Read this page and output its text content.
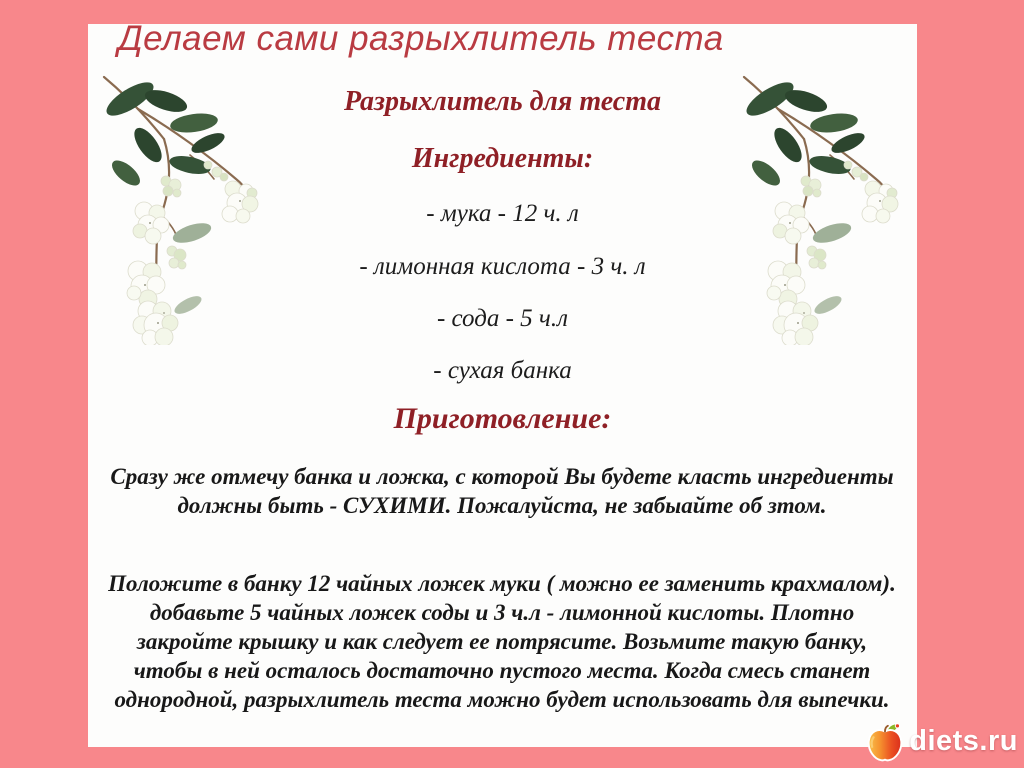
Делаем сами разрыхлитель теста
Разрыхлитель для теста
Ингредиенты:

- мука - 12 ч. л

- лимонная кислота - 3 ч. л

- сода - 5 ч.л

- сухая банка

Приготовление:

Сразу же отмечу банка и ложка, с которой Вы будете класть ингредиенты должны быть - СУХИМИ. Пожалуйста, не забыайте об зтом.

Положите в банку 12 чайных ложек муки ( можно ее заменить крахмалом). добавьте 5 чайных ложек соды и 3 ч.л - лимонной кислоты. Плотно закройте крышку и как следует ее потрясите. Возьмите такую банку, чтобы в ней осталось достаточно пустого места. Когда смесь станет однородной, разрыхлитель теста можно будет использовать для выпечки.

diets.ru
